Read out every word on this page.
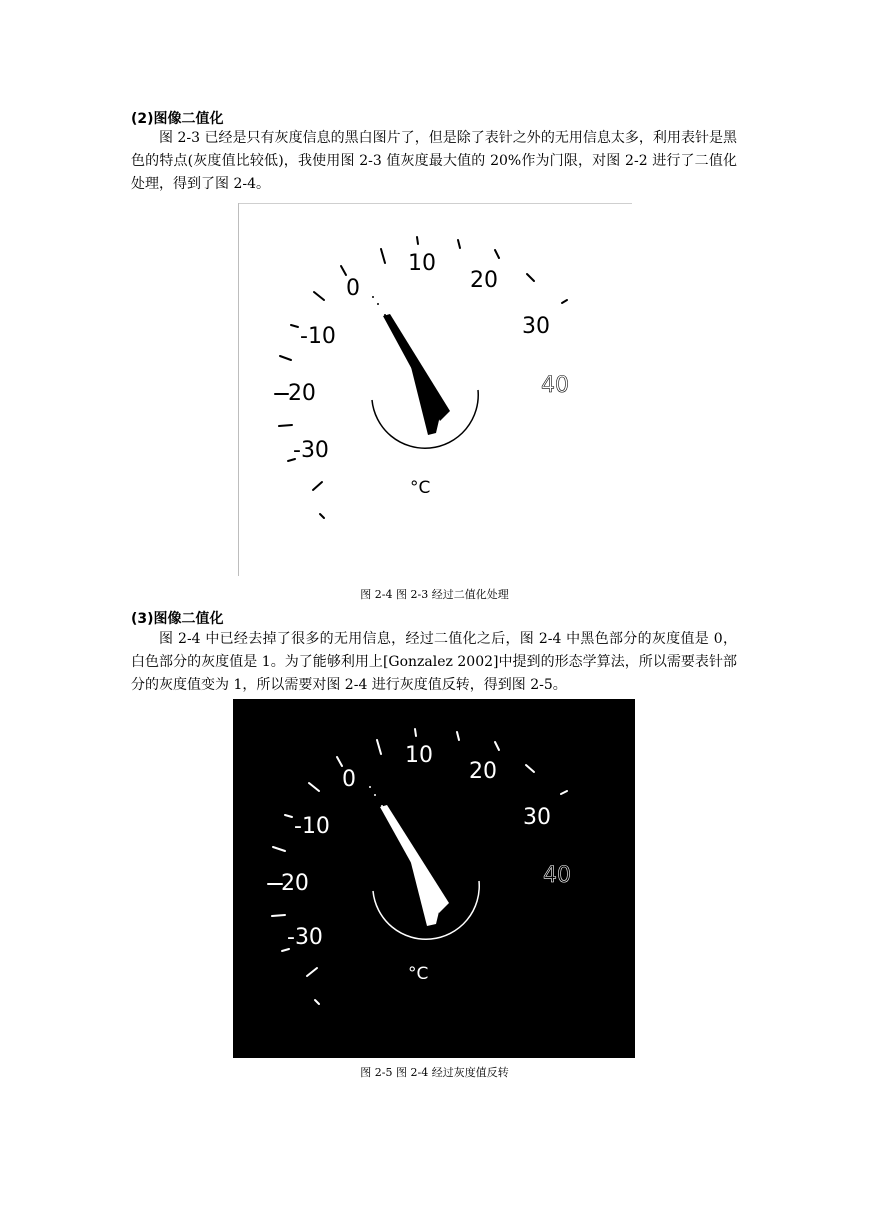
(2)图像二值化
图 2-3 已经是只有灰度信息的黑白图片了，但是除了表针之外的无用信息太多，利用表针是黑色的特点(灰度值比较低)，我使用图 2-3 值灰度最大值的 20%作为门限，对图 2-2 进行了二值化处理，得到了图 2-4。
10
20
0
30
-10
-20	40
-30
°C
图 2-4 图 2-3 经过二值化处理
(3)图像二值化
图 2-4 中已经去掉了很多的无用信息，经过二值化之后，图 2-4 中黑色部分的灰度值是 0，白色部分的灰度值是 1。为了能够利用上[Gonzalez 2002]中提到的形态学算法，所以需要表针部分的灰度值变为 1，所以需要对图 2-4 进行灰度值反转，得到图 2-5。
10
20
0
30
-10
-20	40
-30
°C
图 2-5 图 2-4 经过灰度值反转
